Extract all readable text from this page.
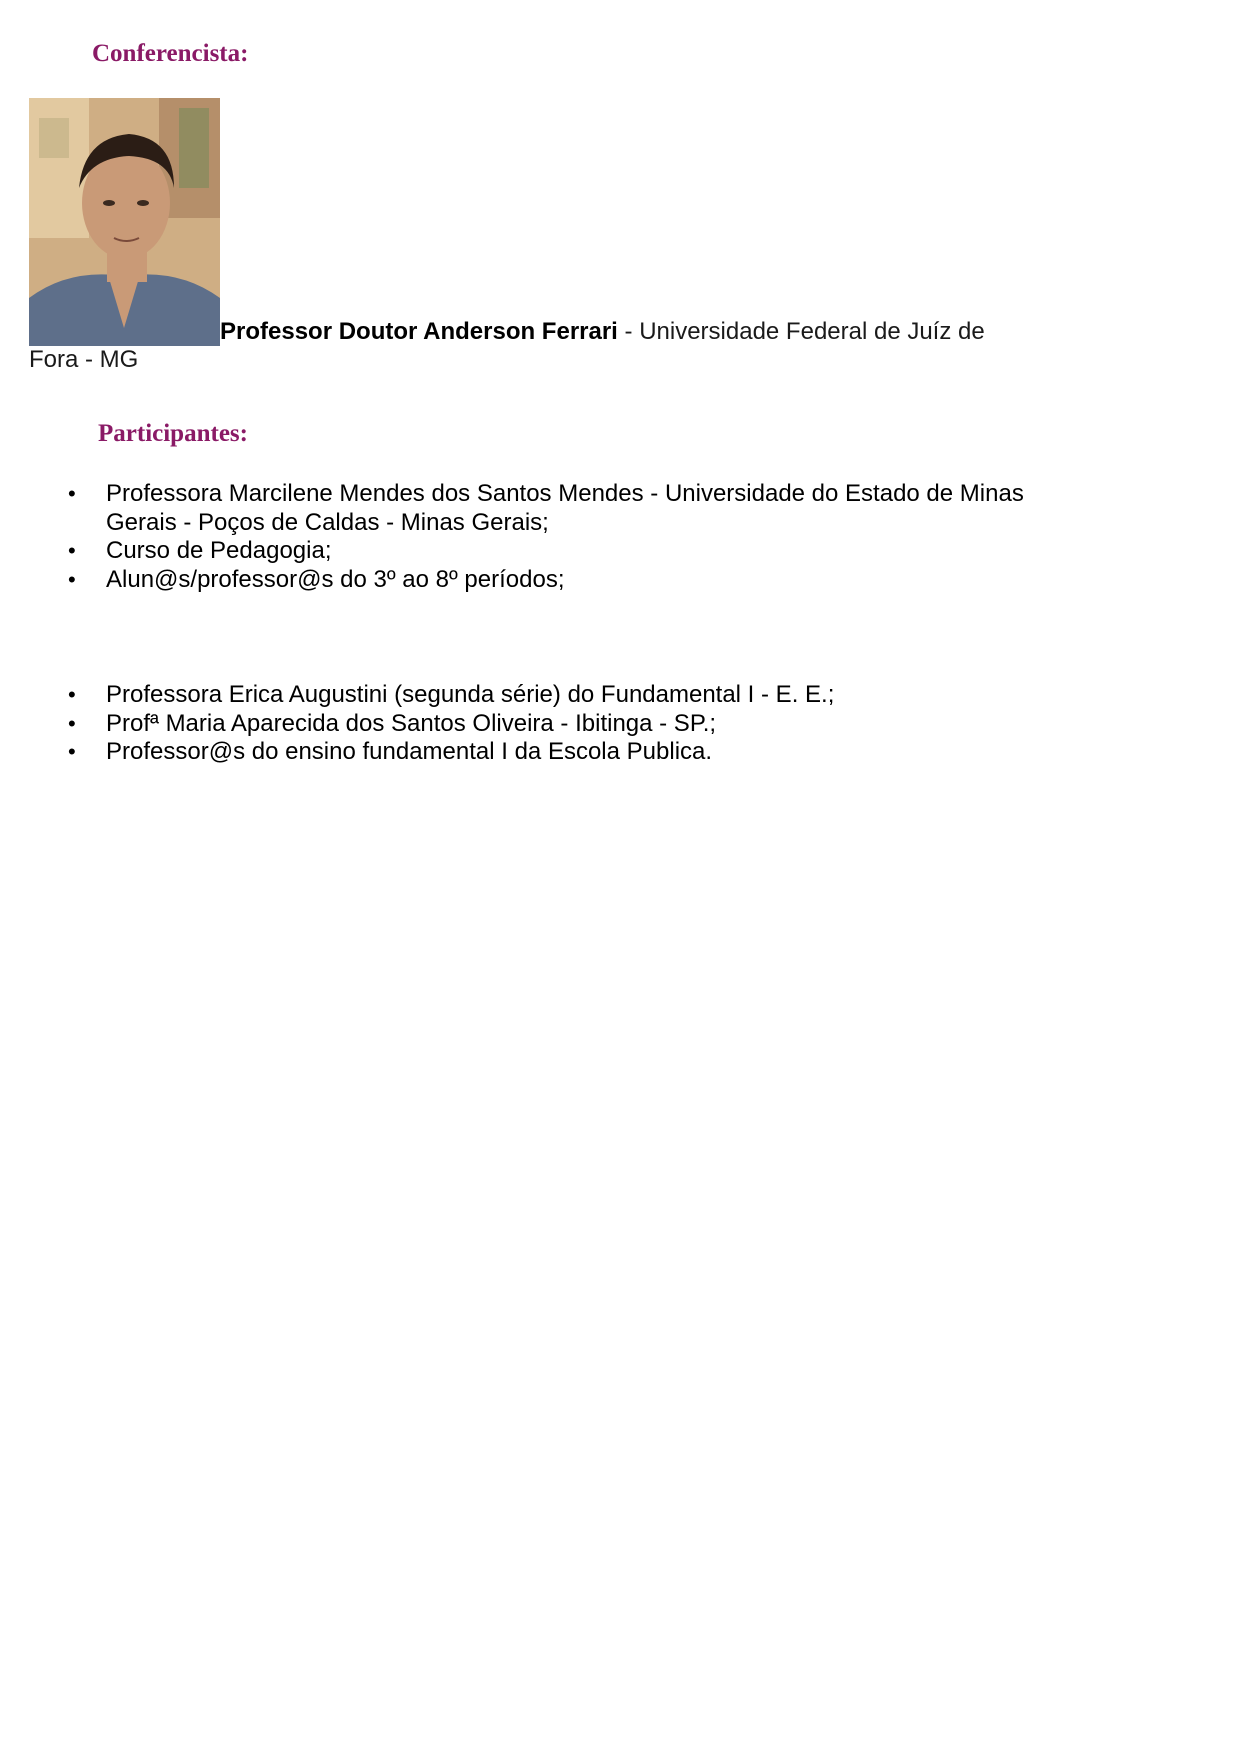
Conferencista:
Professor Doutor Anderson Ferrari - Universidade Federal de Juíz de Fora - MG
Participantes:
• Professora Marcilene Mendes dos Santos Mendes - Universidade do Estado de Minas Gerais - Poços de Caldas - Minas Gerais;
• Curso de Pedagogia;
• Alun@s/professor@s do 3º ao 8º períodos;
• Professora Erica Augustini (segunda série) do Fundamental I - E. E.;
• Profª Maria Aparecida dos Santos Oliveira - Ibitinga - SP.;
• Professor@s do ensino fundamental I da Escola Publica.
